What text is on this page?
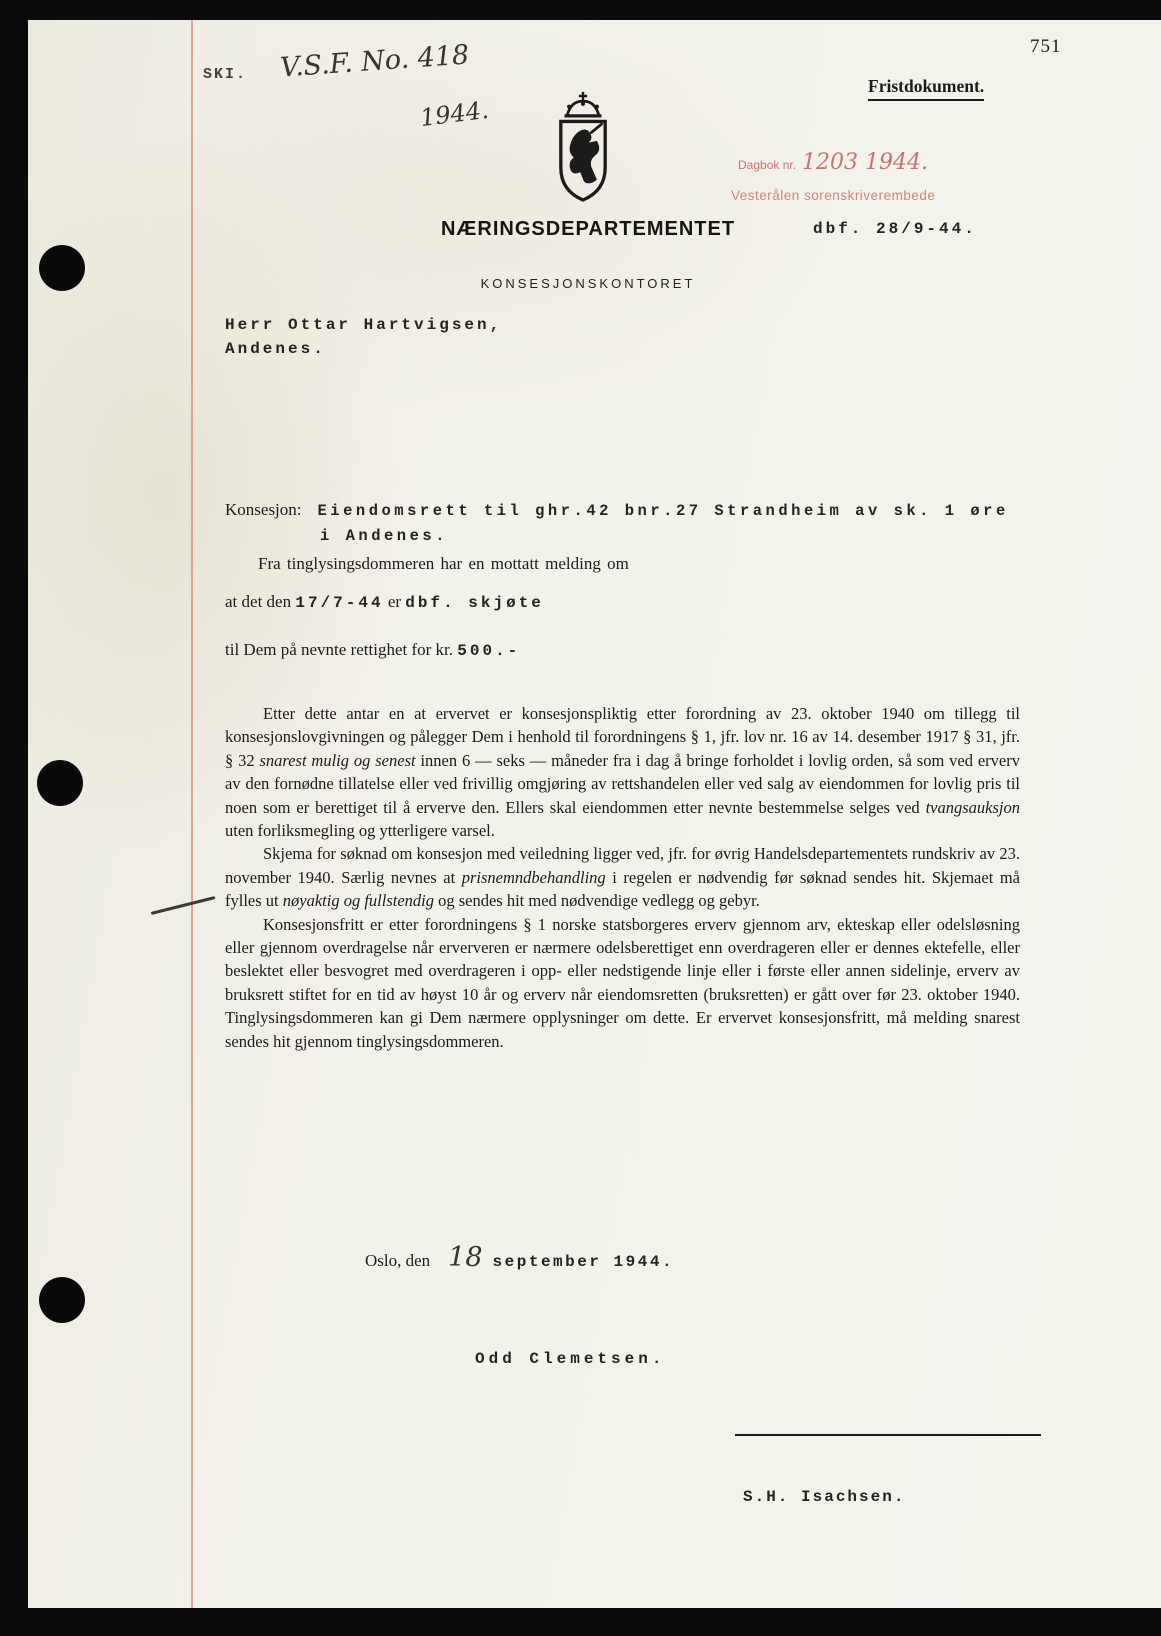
751
SKI. V.S.F. No. 418
1944.
Fristdokument.
Dagbok nr. 1203 1944.
Vesterålen sorenskriverembede
NÆRINGSDEPARTEMENTET	dbf. 28/9-44.
KONSESJONSKONTORET
Herr Ottar Hartvigsen,
Andenes.
Konsesjon: Eiendomsrett til ghr.42 bnr.27 Strandheim av sk. 1 øre
i Andenes.
Fra tinglysingsdommeren har en mottatt melding om
at det den 17/7-44 er dbf. skjøte
til Dem på nevnte rettighet for kr. 500.-

Etter dette antar en at ervervet er konsesjonspliktig etter forordning av 23. oktober 1940 om tillegg til konsesjonslovgivningen og pålegger Dem i henhold til forordningens § 1, jfr. lov nr. 16 av 14. desember 1917 § 31, jfr. § 32 snarest mulig og senest innen 6 — seks — måneder fra i dag å bringe forholdet i lovlig orden, så som ved erverv av den fornødne tillatelse eller ved frivillig omgjøring av rettshandelen eller ved salg av eiendommen for lovlig pris til noen som er berettiget til å erverve den. Ellers skal eiendommen etter nevnte bestemmelse selges ved tvangsauksjon uten forliksmegling og ytterligere varsel.

Skjema for søknad om konsesjon med veiledning ligger ved, jfr. for øvrig Handelsdepartementets rundskriv av 23. november 1940. Særlig nevnes at prisnemndbehandling i regelen er nødvendig før søknad sendes hit. Skjemaet må fylles ut nøyaktig og fullstendig og sendes hit med nødvendige vedlegg og gebyr.

Konsesjonsfritt er etter forordningens § 1 norske statsborgeres erverv gjennom arv, ekteskap eller odelsløsning eller gjennom overdragelse når erververen er nærmere odelsberettiget enn overdrageren eller er dennes ektefelle, eller beslektet eller besvogret med overdrageren i opp- eller nedstigende linje eller i første eller annen sidelinje, erverv av bruksrett stiftet for en tid av høyst 10 år og erverv når eiendomsretten (bruksretten) er gått over før 23. oktober 1940. Tinglysingsdommeren kan gi Dem nærmere opplysninger om dette. Er ervervet konsesjonsfritt, må melding snarest sendes hit gjennom tinglysingsdommeren.

Oslo, den 18 september 1944.
Odd Clemetsen.
S.H. Isachsen.
